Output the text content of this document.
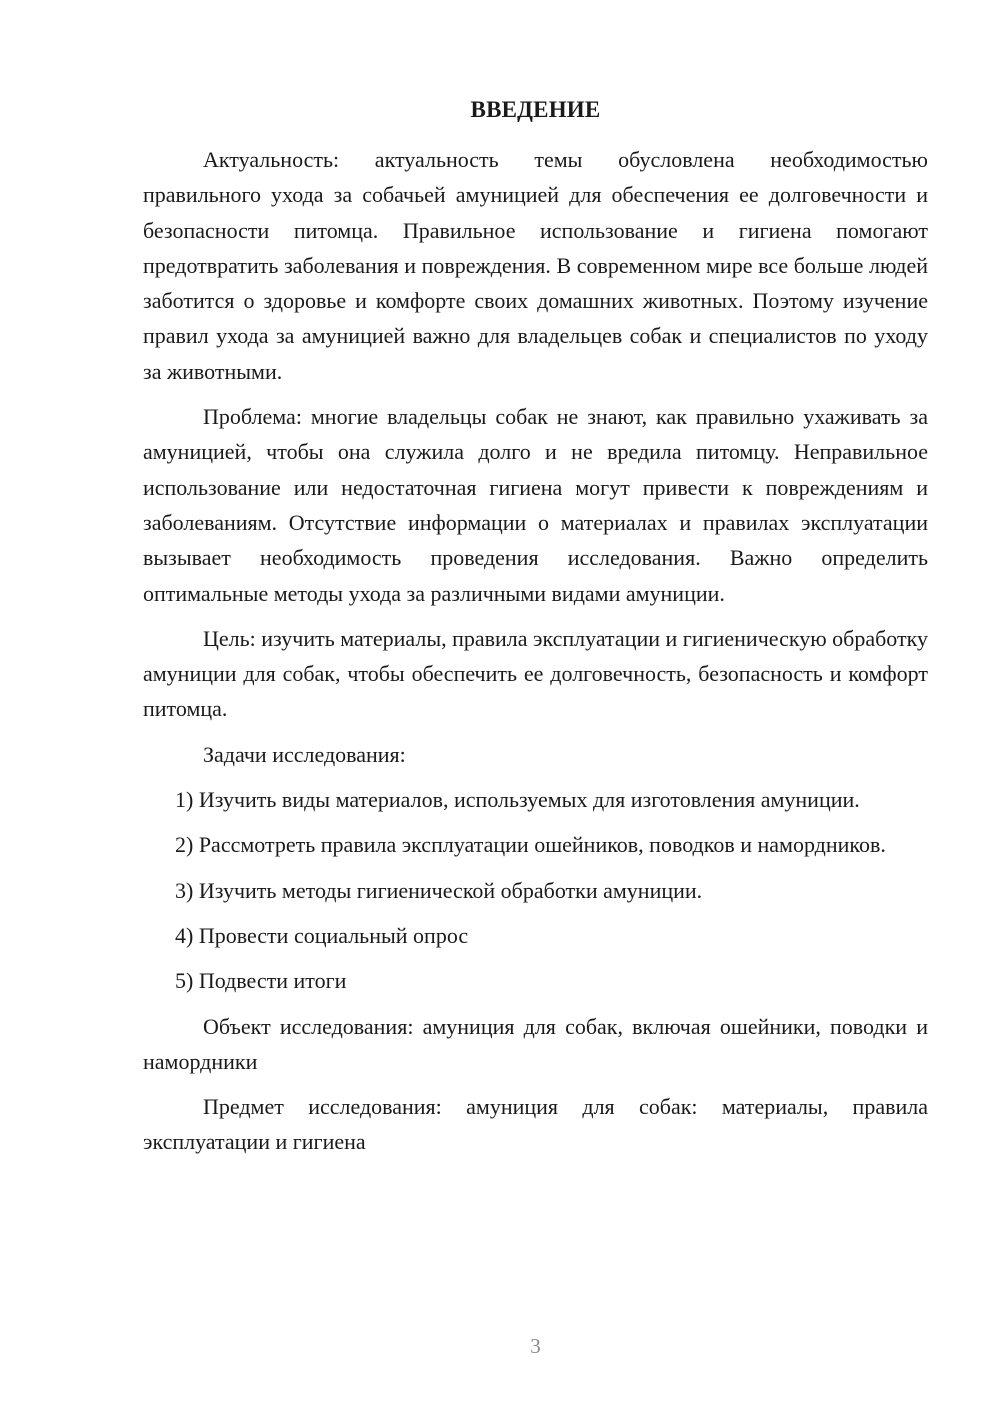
ВВЕДЕНИЕ

Актуальность: актуальность темы обусловлена необходимостью правильного ухода за собачьей амуницией для обеспечения ее долговечности и безопасности питомца. Правильное использование и гигиена помогают предотвратить заболевания и повреждения. В современном мире все больше людей заботится о здоровье и комфорте своих домашних животных. Поэтому изучение правил ухода за амуницией важно для владельцев собак и специалистов по уходу за животными.

Проблема: многие владельцы собак не знают, как правильно ухаживать за амуницией, чтобы она служила долго и не вредила питомцу. Неправильное использование или недостаточная гигиена могут привести к повреждениям и заболеваниям. Отсутствие информации о материалах и правилах эксплуатации вызывает необходимость проведения исследования. Важно определить оптимальные методы ухода за различными видами амуниции.

Цель: изучить материалы, правила эксплуатации и гигиеническую обработку амуниции для собак, чтобы обеспечить ее долговечность, безопасность и комфорт питомца.

Задачи исследования:

1) Изучить виды материалов, используемых для изготовления амуниции.

2) Рассмотреть правила эксплуатации ошейников, поводков и намордников.

3) Изучить методы гигиенической обработки амуниции.

4) Провести социальный опрос

5) Подвести итоги

Объект исследования: амуниция для собак, включая ошейники, поводки и намордники

Предмет исследования: амуниция для собак: материалы, правила эксплуатации и гигиена

3
